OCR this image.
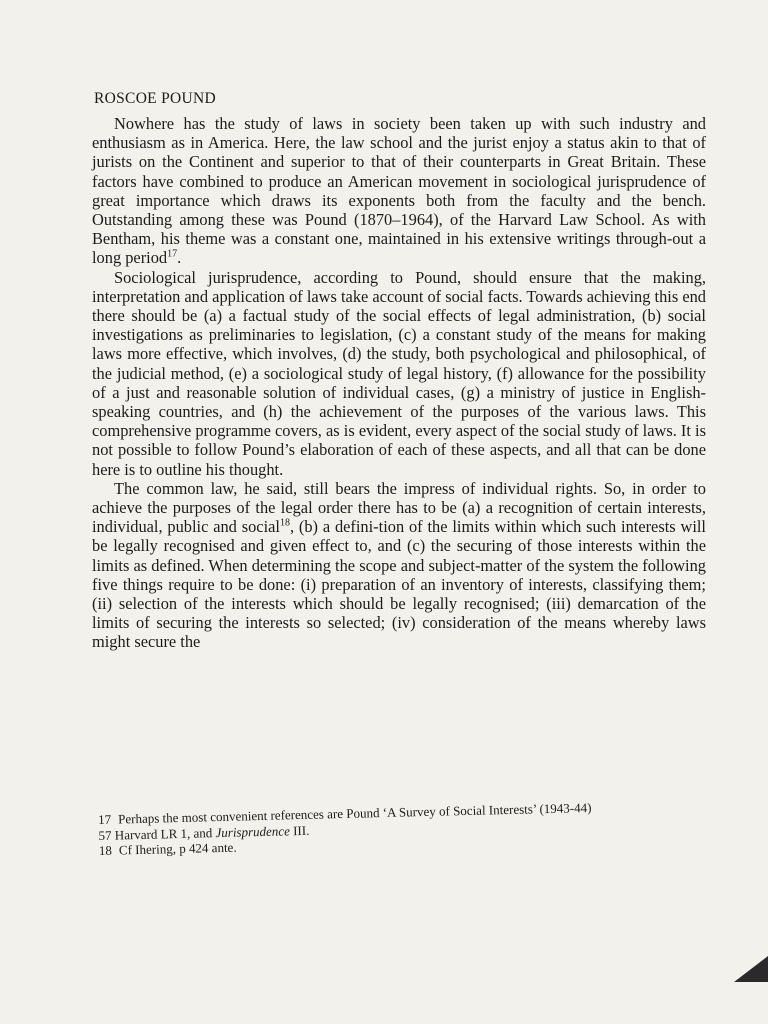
ROSCOE POUND

Nowhere has the study of laws in society been taken up with such industry and enthusiasm as in America. Here, the law school and the jurist enjoy a status akin to that of jurists on the Continent and superior to that of their counterparts in Great Britain. These factors have combined to produce an American movement in sociological jurisprudence of great importance which draws its exponents both from the faculty and the bench. Outstanding among these was Pound (1870–1964), of the Harvard Law School. As with Bentham, his theme was a constant one, maintained in his extensive writings through-out a long period$^{17}$.

Sociological jurisprudence, according to Pound, should ensure that the making, interpretation and application of laws take account of social facts. Towards achieving this end there should be (a) a factual study of the social effects of legal administration, (b) social investigations as preliminaries to legislation, (c) a constant study of the means for making laws more effective, which involves, (d) the study, both psychological and philosophical, of the judicial method, (e) a sociological study of legal history, (f) allowance for the possibility of a just and reasonable solution of individual cases, (g) a ministry of justice in English-speaking countries, and (h) the achievement of the purposes of the various laws. This comprehensive programme covers, as is evident, every aspect of the social study of laws. It is not possible to follow Pound’s elaboration of each of these aspects, and all that can be done here is to outline his thought.

The common law, he said, still bears the impress of individual rights. So, in order to achieve the purposes of the legal order there has to be (a) a recognition of certain interests, individual, public and social$^{18}$, (b) a defini-tion of the limits within which such interests will be legally recognised and given effect to, and (c) the securing of those interests within the limits as defined. When determining the scope and subject-matter of the system the following five things require to be done: (i) preparation of an inventory of interests, classifying them; (ii) selection of the interests which should be legally recognised; (iii) demarcation of the limits of securing the interests so selected; (iv) consideration of the means whereby laws might secure the

17 Perhaps the most convenient references are Pound ‘A Survey of Social Interests’ (1943-44)

57 Harvard LR 1, and Jurisprudence III.

18 Cf Ihering, p 424 ante.
